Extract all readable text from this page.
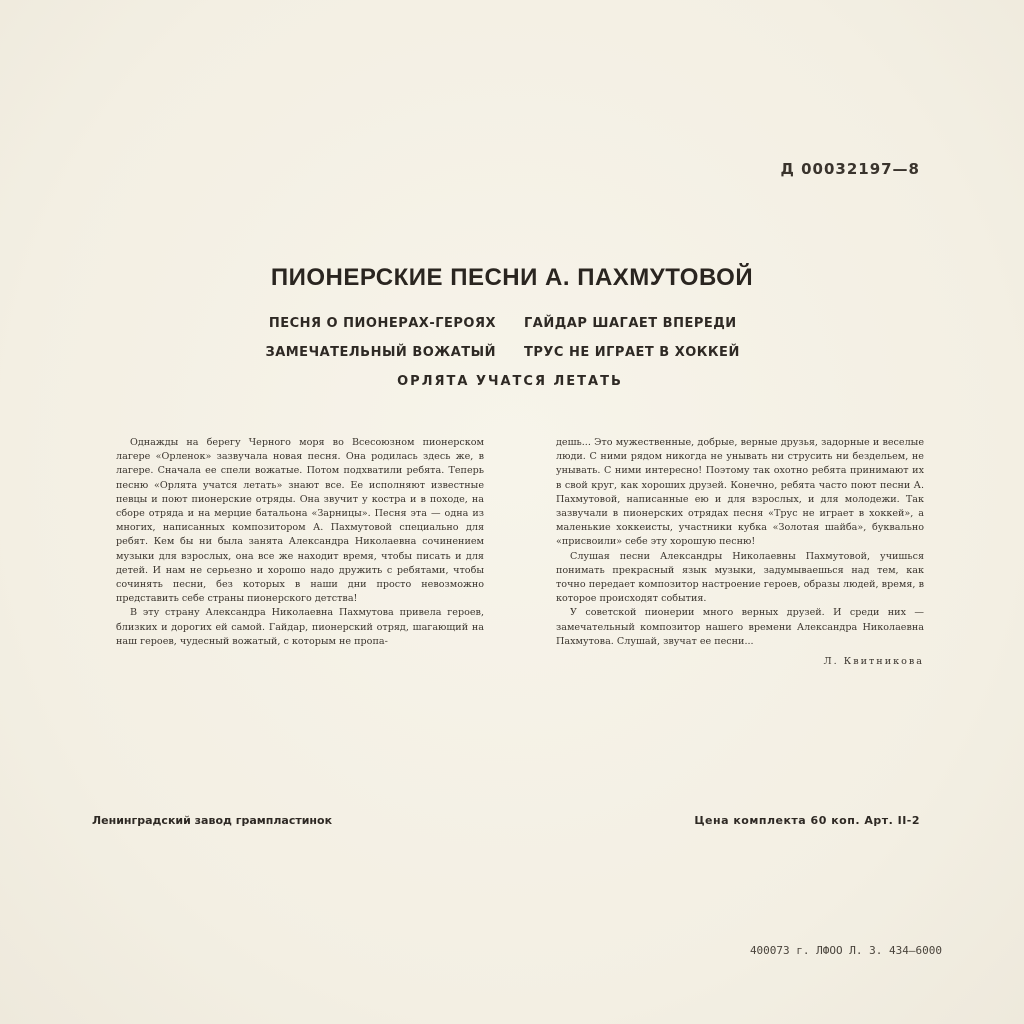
Д 00032197—8
ПИОНЕРСКИЕ ПЕСНИ А. ПАХМУТОВОЙ
ПЕСНЯ О ПИОНЕРАХ-ГЕРОЯХ	ГАЙДАР ШАГАЕТ ВПЕРЕДИ
ЗАМЕЧАТЕЛЬНЫЙ ВОЖАТЫЙ	ТРУС НЕ ИГРАЕТ В ХОККЕЙ
ОРЛЯТА УЧАТСЯ ЛЕТАТЬ

Однажды на берегу Черного моря во Всесоюзном пионерском лагере «Орленок» зазвучала новая песня. Она родилась здесь же, в лагере. Сначала ее спели вожатые. Потом подхватили ребята. Теперь песню «Орлята учатся летать» знают все. Ее исполняют известные певцы и поют пионерские отряды. Она звучит у костра и в походе, на сборе отряда и на мерцие батальона «Зарницы». Песня эта — одна из многих, написанных композитором А. Пахмутовой специально для ребят. Кем бы ни была занята Александра Николаевна сочинением музыки для взрослых, она все же находит время, чтобы писать и для детей. И нам не серьезно и хорошо надо дружить с ребятами, чтобы сочинять песни, без которых в наши дни просто невозможно представить себе страны пионерского детства!

В эту страну Александра Николаевна Пахмутова привела героев, близких и дорогих ей самой. Гайдар, пионерский отряд, шагающий на наш героев, чудесный вожатый, с которым не пропа-

дешь... Это мужественные, добрые, верные друзья, задорные и веселые люди. С ними рядом никогда не унывать ни струсить ни бездельем, не унывать. С ними интересно! Поэтому так охотно ребята принимают их в свой круг, как хороших друзей. Конечно, ребята часто поют песни А. Пахмутовой, написанные ею и для взрослых, и для молодежи. Так зазвучали в пионерских отрядах песня «Трус не играет в хоккей», а маленькие хоккеисты, участники кубка «Золотая шайба», буквально «присвоили» себе эту хорошую песню!

Слушая песни Александры Николаевны Пахмутовой, учишься понимать прекрасный язык музыки, задумываешься над тем, как точно передает композитор настроение героев, образы людей, время, в которое происходят события.

У советской пионерии много верных друзей. И среди них — замечательный композитор нашего времени Александра Николаевна Пахмутова. Слушай, звучат ее песни...

Л. Квитникова
Ленинградский завод грампластинок	Цена комплекта 60 коп. Арт. II-2
400073 г. ЛФОО Л. З. 434—6000
